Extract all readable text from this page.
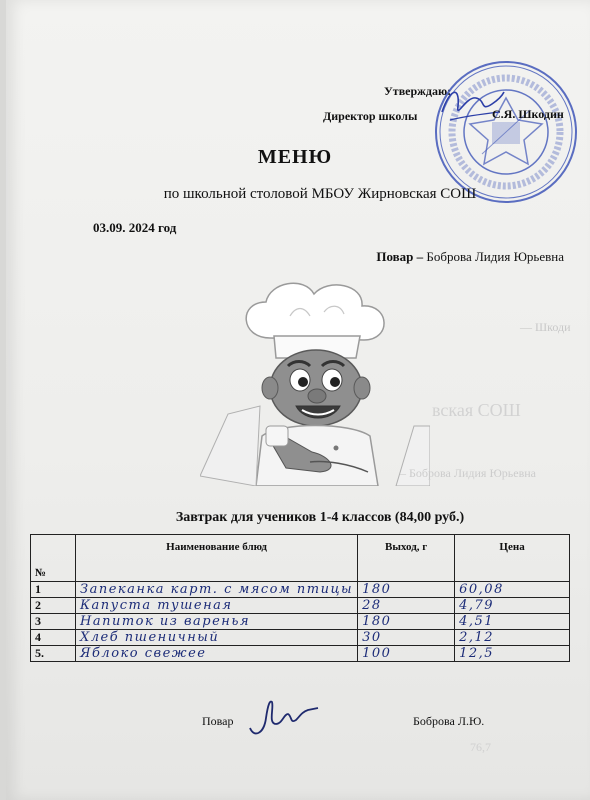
Утверждаю:
Директор школы	С.Я. Шкодин
МЕНЮ
по школьной столовой МБОУ Жирновская СОШ
03.09. 2024 год
Повар – Боброва Лидия Юрьевна
— Шкоди
вская СОШ
– Боброва Лидия Юрьевна
Завтрак для учеников 1-4 классов (84,00 руб.)
№	Наименование блюд	Выход, г	Цена
1	Запеканка карт. с мясом птицы	180	60,08
2	Капуста тушеная	28	4,79
3	Напиток из варенья	180	4,51
4	Хлеб пшеничный	30	2,12
5.	Яблоко свежее	100	12,5
Повар	Боброва Л.Ю.
76,7
